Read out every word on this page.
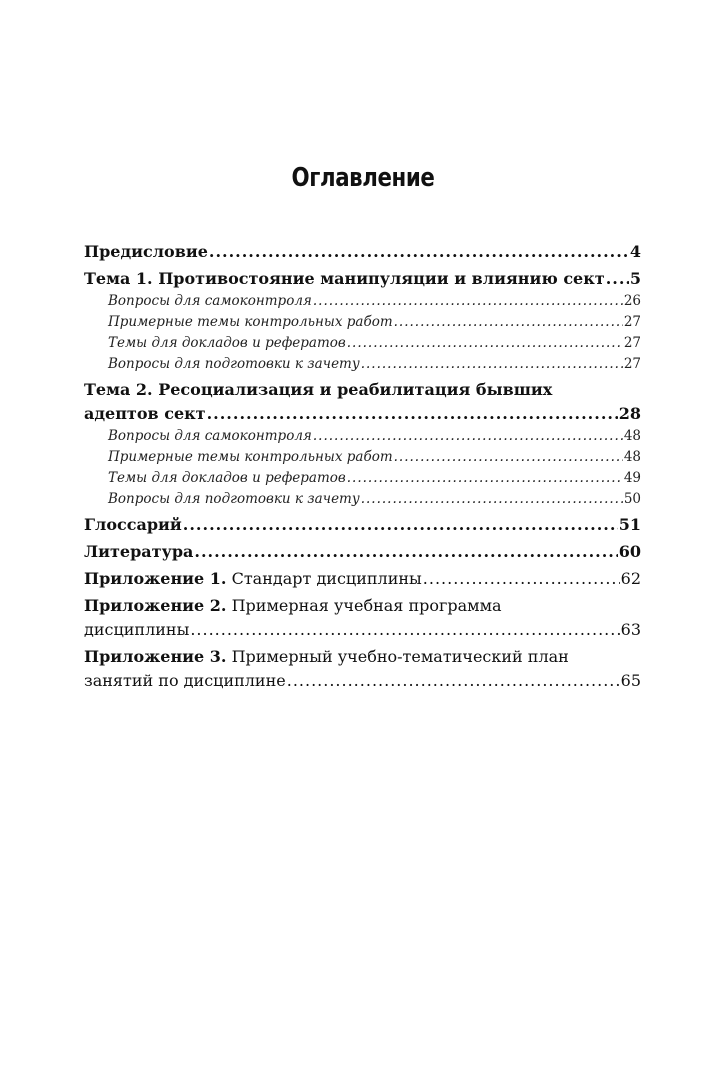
Оглавление
Предисловие .....	4
Тема 1. Противостояние манипуляции и влиянию сект ..... 5
Вопросы для самоконтроля .....	26
Примерные темы контрольных работ .....	27
Темы для докладов и рефератов .....	27
Вопросы для подготовки к зачету .....	27
Тема 2. Ресоциализация и реабилитация бывших
адептов сект .....	28
Вопросы для самоконтроля .....	48
Примерные темы контрольных работ .....	48
Темы для докладов и рефератов .....	49
Вопросы для подготовки к зачету .....	50
Глоссарий .....	51
Литература .....	60
Приложение 1. Стандарт дисциплины .....	62
Приложение 2. Примерная учебная программа
дисциплины .....	63
Приложение 3. Примерный учебно-тематический план
занятий по дисциплине .....	65
